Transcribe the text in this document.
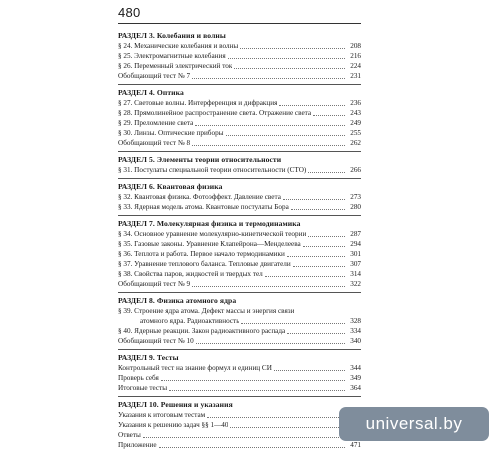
480
РАЗДЕЛ 3. Колебания и волны
§ 24. Механические колебания и волны	208
§ 25. Электромагнитные колебания	216
§ 26. Переменный электрический ток	224
Обобщающий тест № 7	231
РАЗДЕЛ 4. Оптика
§ 27. Световые волны. Интерференция и дифракция	236
§ 28. Прямолинейное распространение света. Отражение света	243
§ 29. Преломление света	249
§ 30. Линзы. Оптические приборы	255
Обобщающий тест № 8	262
РАЗДЕЛ 5. Элементы теории относительности
§ 31. Постулаты специальной теории относительности (СТО)	266
РАЗДЕЛ 6. Квантовая физика
§ 32. Квантовая физика. Фотоэффект. Давление света	273
§ 33. Ядерная модель атома. Квантовые постулаты Бора	280
РАЗДЕЛ 7. Молекулярная физика и термодинамика
§ 34. Основное уравнение молекулярно-кинетической теории	287
§ 35. Газовые законы. Уравнение Клапейрона—Менделеева	294
§ 36. Теплота и работа. Первое начало термодинамики	301
§ 37. Уравнение теплового баланса. Тепловые двигатели	307
§ 38. Свойства паров, жидкостей и твердых тел	314
Обобщающий тест № 9	322
РАЗДЕЛ 8. Физика атомного ядра
§ 39. Строение ядра атома. Дефект массы и энергия связи
атомного ядра. Радиоактивность	328
§ 40. Ядерные реакции. Закон радиоактивного распада	334
Обобщающий тест № 10	340
РАЗДЕЛ 9. Тесты
Контрольный тест на знание формул и единиц СИ	344
Проверь себя	349
Итоговые тесты	364
РАЗДЕЛ 10. Решения и указания
Указания к итоговым тестам
Указания к решению задач §§ 1—40
Ответы
Приложение	471
universal.by
